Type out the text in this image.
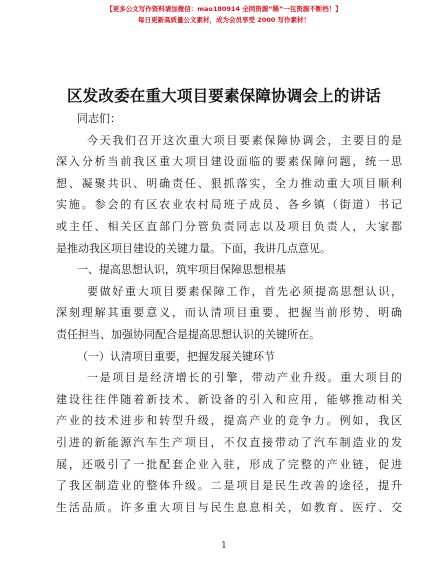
【更多公文写作资料请加微信：mao180914 全网资源“稀”一包资源不断档！】
每日更新高质量公文素材，成为会员享受 2000 写作素材！
区发改委在重大项目要素保障协调会上的讲话
同志们：
今天我们召开这次重大项目要素保障协调会，主要目的是
深入分析当前我区重大项目建设面临的要素保障问题，统一思
想、凝聚共识、明确责任、狠抓落实，全力推动重大项目顺利
实施。参会的有区农业农村局班子成员、各乡镇（街道）书记
或主任、相关区直部门分管负责同志以及项目负责人，大家都
是推动我区项目建设的关键力量。下面，我讲几点意见。
一、提高思想认识，筑牢项目保障思想根基
要做好重大项目要素保障工作，首先必须提高思想认识，
深刻理解其重要意义，而认清项目重要、把握当前形势、明确
责任担当、加强协同配合是提高思想认识的关键所在。
（一）认清项目重要，把握发展关键环节
一是项目是经济增长的引擎，带动产业升级。重大项目的
建设往往伴随着新技术、新设备的引入和应用，能够推动相关
产业的技术进步和转型升级，提高产业的竞争力。例如，我区
引进的新能源汽车生产项目，不仅直接带动了汽车制造业的发
展，还吸引了一批配套企业入驻，形成了完整的产业链，促进
了我区制造业的整体升级。二是项目是民生改善的途径，提升
生活品质。许多重大项目与民生息息相关，如教育、医疗、交
1
